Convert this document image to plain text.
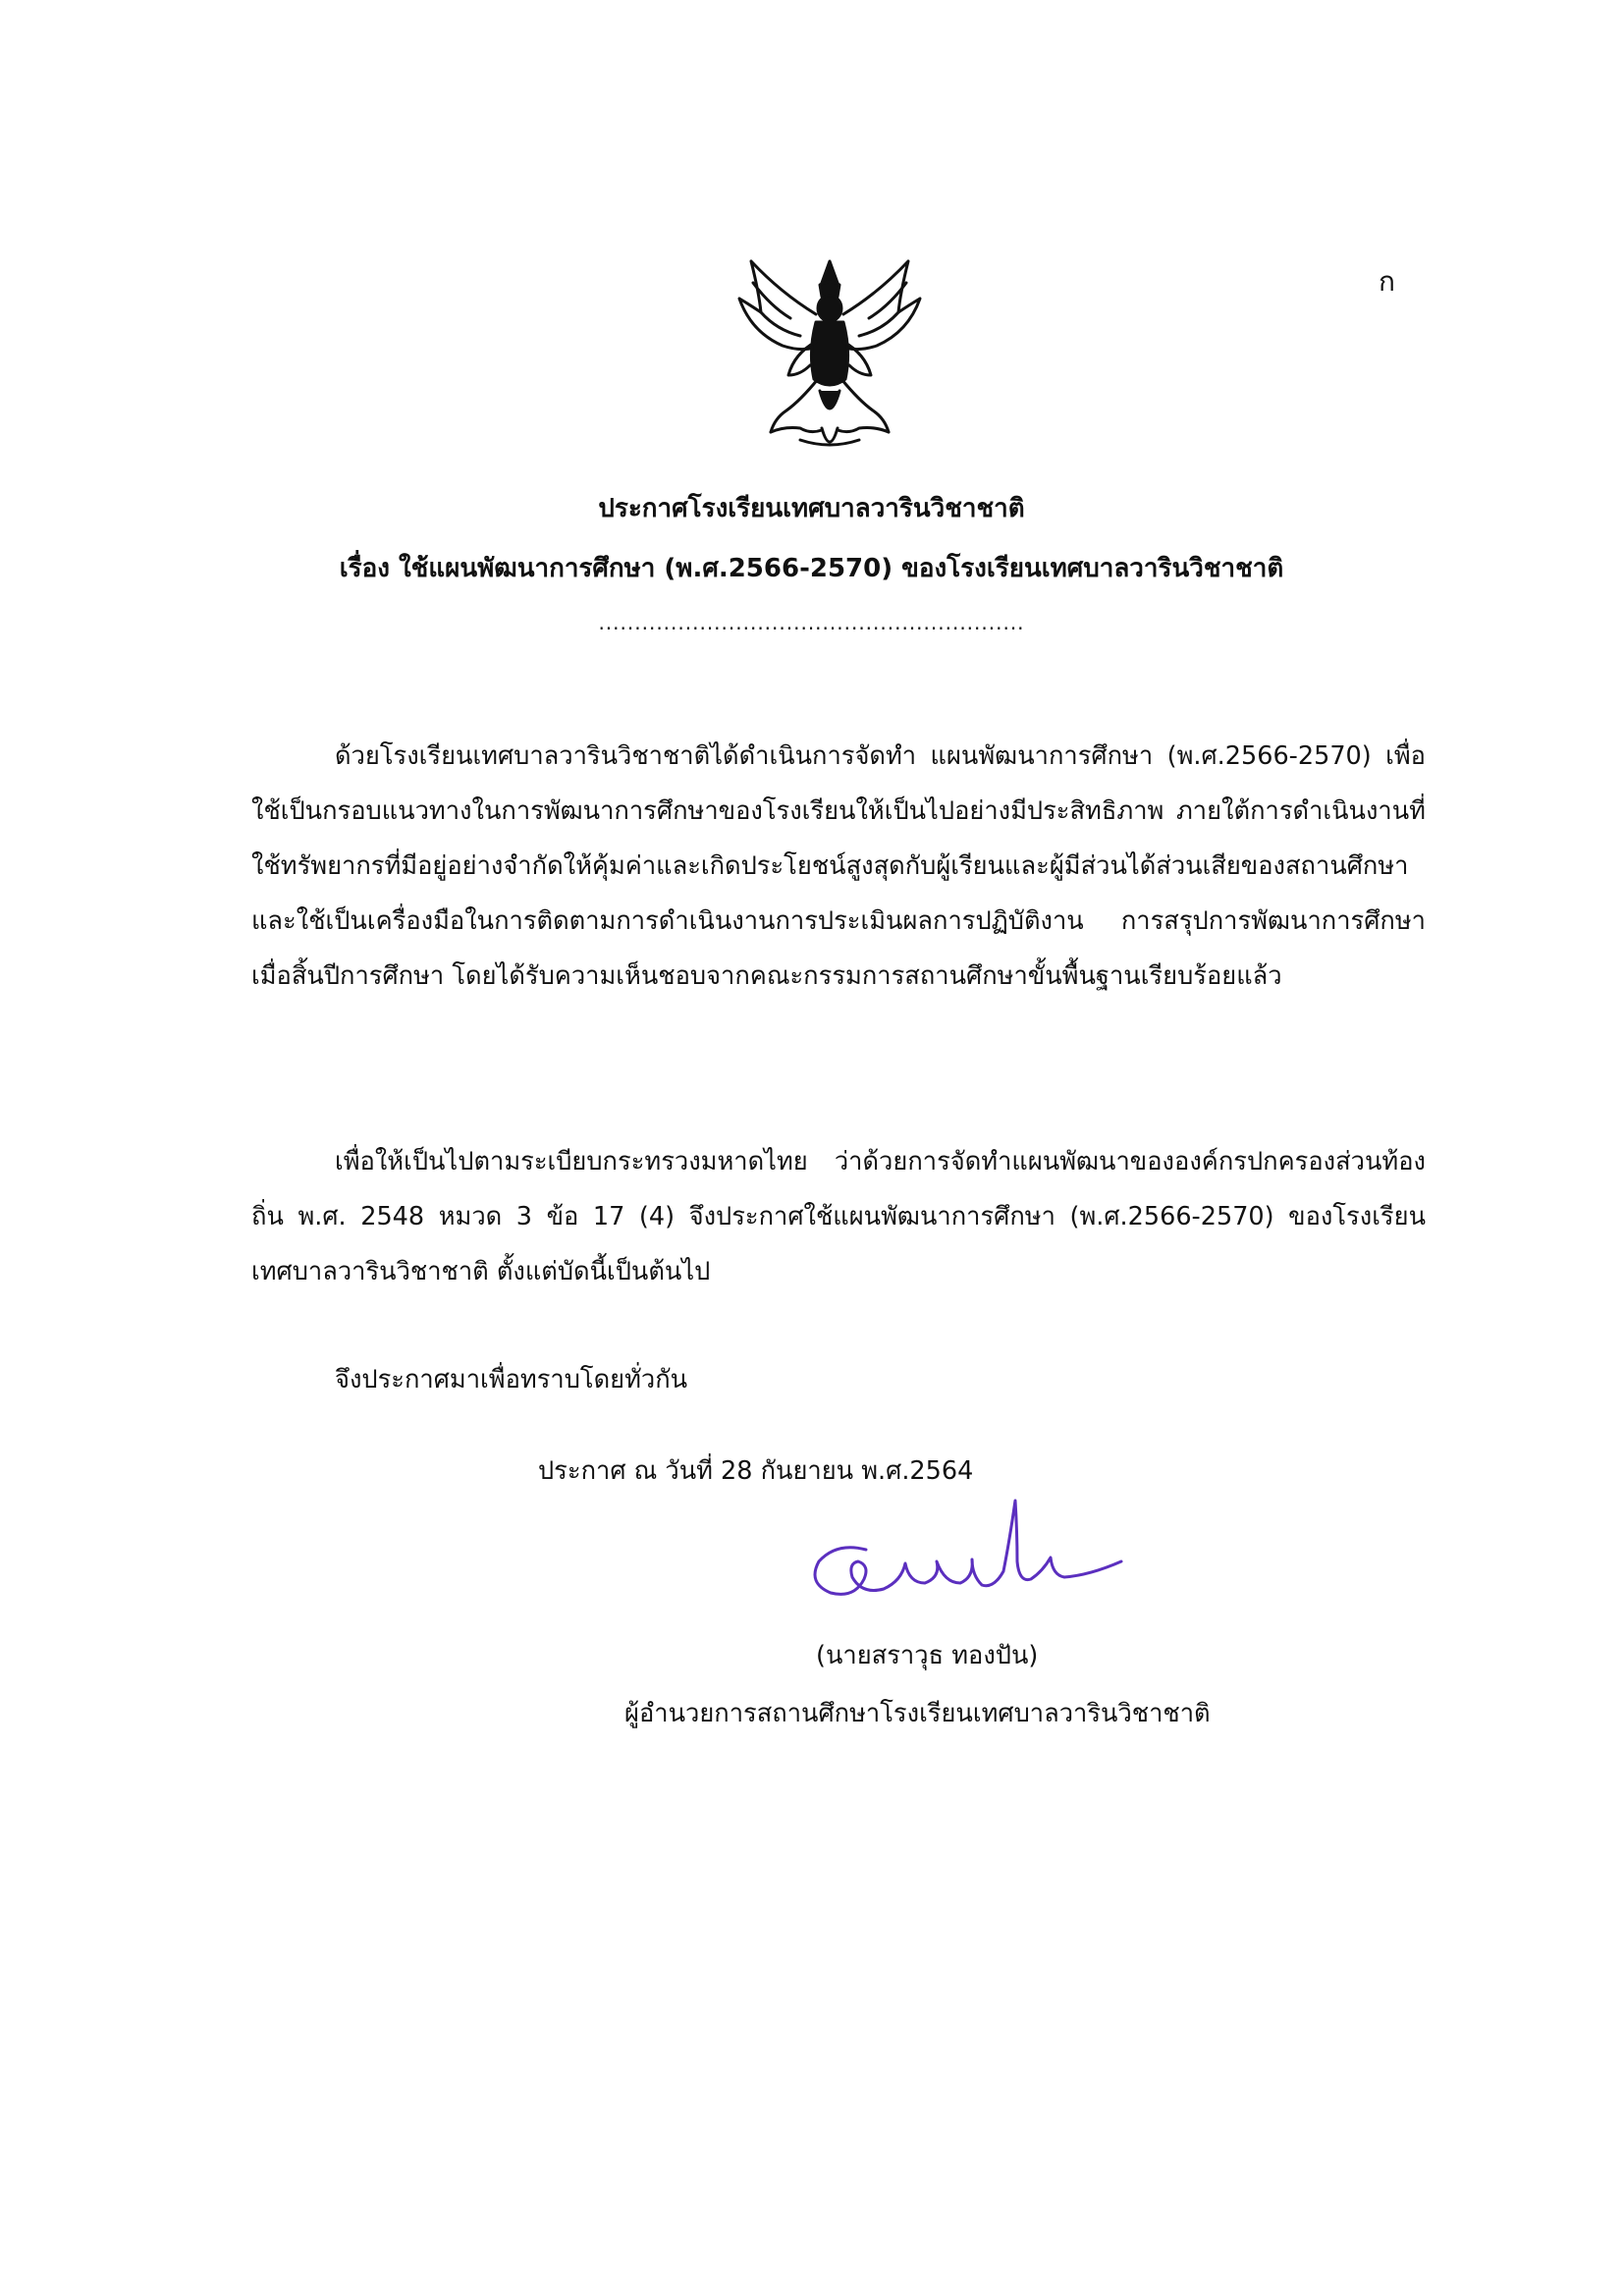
ก
ประกาศโรงเรียนเทศบาลวารินวิชาชาติ
เรื่อง ใช้แผนพัฒนาการศึกษา (พ.ศ.2566-2570) ของโรงเรียนเทศบาลวารินวิชาชาติ
...........................................................
ด้วยโรงเรียนเทศบาลวารินวิชาชาติได้ดำเนินการจัดทำ แผนพัฒนาการศึกษา (พ.ศ.2566-2570) เพื่อใช้เป็นกรอบแนวทางในการพัฒนาการศึกษาของโรงเรียนให้เป็นไปอย่างมีประสิทธิภาพ ภายใต้การดำเนินงานที่ใช้ทรัพยากรที่มีอยู่อย่างจำกัดให้คุ้มค่าและเกิดประโยชน์สูงสุดกับผู้เรียนและผู้มีส่วนได้ส่วนเสียของสถานศึกษา และใช้เป็นเครื่องมือในการติดตามการดำเนินงานการประเมินผลการปฏิบัติงาน การสรุปการพัฒนาการศึกษาเมื่อสิ้นปีการศึกษา โดยได้รับความเห็นชอบจากคณะกรรมการสถานศึกษาขั้นพื้นฐานเรียบร้อยแล้ว
เพื่อให้เป็นไปตามระเบียบกระทรวงมหาดไทย ว่าด้วยการจัดทำแผนพัฒนาขององค์กรปกครองส่วนท้องถิ่น พ.ศ. 2548 หมวด 3 ข้อ 17 (4) จึงประกาศใช้แผนพัฒนาการศึกษา (พ.ศ.2566-2570) ของโรงเรียนเทศบาลวารินวิชาชาติ ตั้งแต่บัดนี้เป็นต้นไป
จึงประกาศมาเพื่อทราบโดยทั่วกัน
ประกาศ ณ วันที่ 28 กันยายน พ.ศ.2564
(นายสราวุธ ทองปัน)
ผู้อำนวยการสถานศึกษาโรงเรียนเทศบาลวารินวิชาชาติ
